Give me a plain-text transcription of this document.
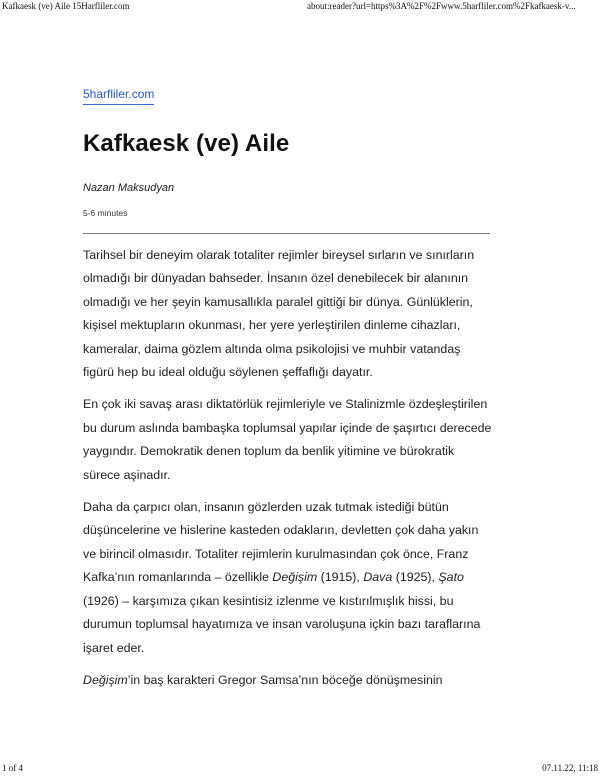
Kafkaesk (ve) Aile 15Harfliler.com	about:reader?url=https%3A%2F%2Fwww.5harfliler.com%2Fkafkaesk-v...
5harfliler.com
Kafkaesk (ve) Aile
Nazan Maksudyan
5-6 minutes

Tarihsel bir deneyim olarak totaliter rejimler bireysel sırların ve sınırların olmadığı bir dünyadan bahseder. İnsanın özel denebilecek bir alanının olmadığı ve her şeyin kamusallıkla paralel gittiği bir dünya. Günlüklerin, kişisel mektupların okunması, her yere yerleştirilen dinleme cihazları, kameralar, daima gözlem altında olma psikolojisi ve muhbir vatandaş figürü hep bu ideal olduğu söylenen şeffaflığı dayatır.

En çok iki savaş arası diktatörlük rejimleriyle ve Stalinizmle özdeşleştirilen bu durum aslında bambaşka toplumsal yapılar içinde de şaşırtıcı derecede yaygındır. Demokratik denen toplum da benlik yitimine ve bürokratik sürece aşinadır.

Daha da çarpıcı olan, insanın gözlerden uzak tutmak istediği bütün düşüncelerine ve hislerine kasteden odakların, devletten çok daha yakın ve birincil olmasıdır. Totaliter rejimlerin kurulmasından çok önce, Franz Kafka’nın romanlarında – özellikle Değişim (1915), Dava (1925), Şato (1926) – karşımıza çıkan kesintisiz izlenme ve kıstırılmışlık hissi, bu durumun toplumsal hayatımıza ve insan varoluşuna içkin bazı taraflarına işaret eder.

Değişim’in baş karakteri Gregor Samsa’nın böceğe dönüşmesinin

1 of 4	07.11.22, 11:18
